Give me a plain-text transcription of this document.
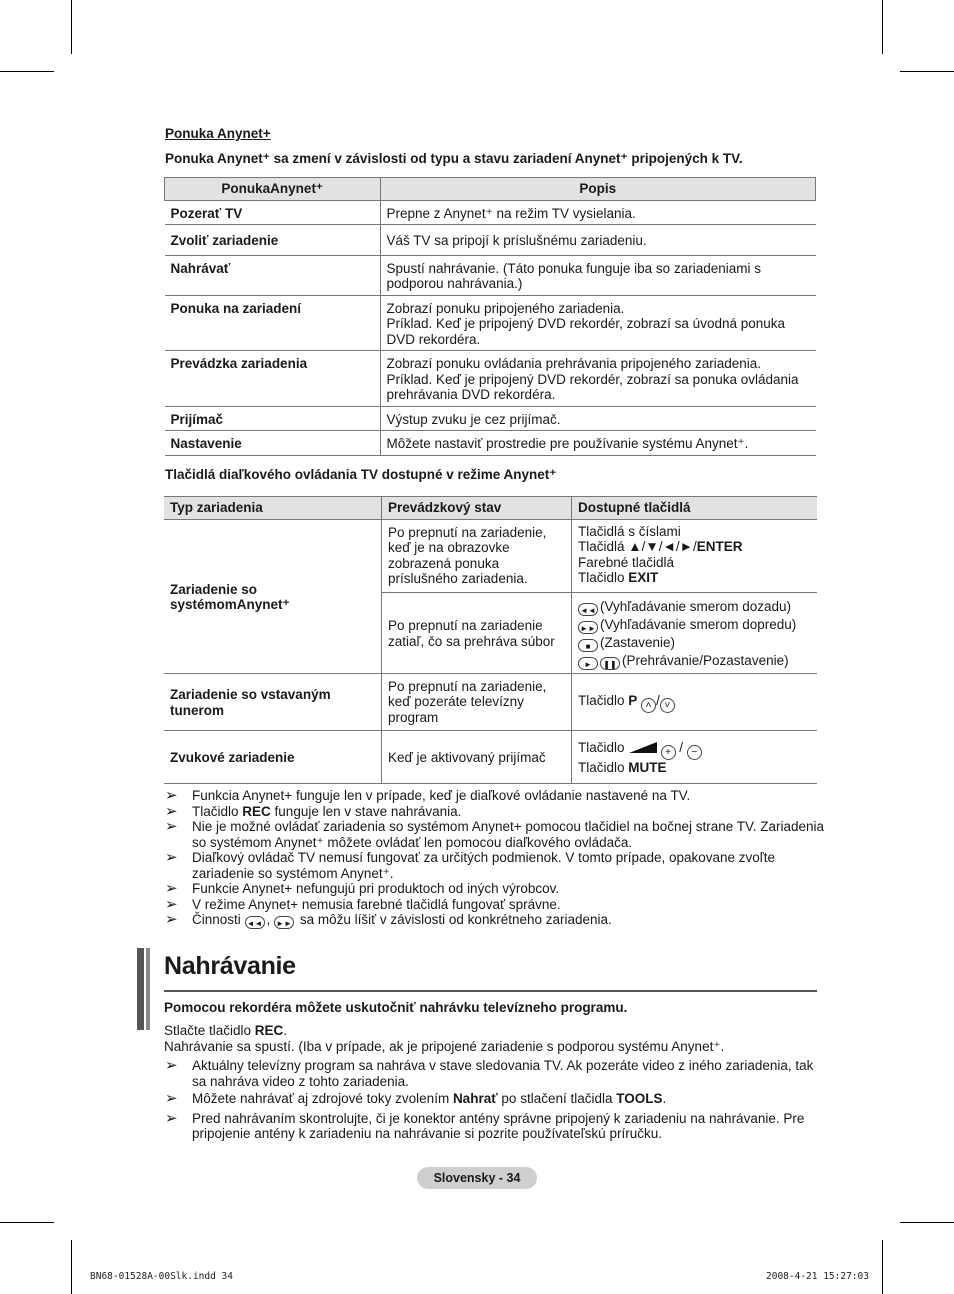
Ponuka Anynet+
Ponuka Anynet⁺ sa zmení v závislosti od typu a stavu zariadení Anynet⁺ pripojených k TV.
PonukaAnynet⁺	Popis
Pozerať TV	Prepne z Anynet⁺ na režim TV vysielania.
Zvoliť zariadenie	Váš TV sa pripojí k príslušnému zariadeniu.
Nahrávať	Spustí nahrávanie. (Táto ponuka funguje iba so zariadeniami s podporou nahrávania.)
Ponuka na zariadení	Zobrazí ponuku pripojeného zariadenia.
Príklad. Keď je pripojený DVD rekordér, zobrazí sa úvodná ponuka DVD rekordéra.

Prevádzka zariadenia	Zobrazí ponuku ovládania prehrávania pripojeného zariadenia.
Príklad. Keď je pripojený DVD rekordér, zobrazí sa ponuka ovládania prehrávania DVD rekordéra.

Prijímač	Výstup zvuku je cez prijímač.
Nastavenie	Môžete nastaviť prostredie pre používanie systému Anynet⁺.
Tlačidlá diaľkového ovládania TV dostupné v režime Anynet⁺
Typ zariadenia	Prevádzkový stav	Dostupné tlačidlá
Zariadenie so systémomAnynet⁺	Po prepnutí na zariadenie, keď je na obrazovke zobrazená ponuka príslušného zariadenia.	Tlačidlá s číslami
Tlačidlá ▲/▼/◄/►/ENTER
Farebné tlačidlá
Tlačidlo EXIT

	Po prepnutí na zariadenie zatiaľ, čo sa prehráva súbor	◄◄ (Vyhľadávanie smerom dozadu)
►► (Vyhľadávanie smerom dopredu)
■ (Zastavenie)
► ❚❚ (Prehrávanie/Pozastavenie)

Zariadenie so vstavaným tunerom	Po prepnutí na zariadenie, keď pozeráte televízny program	Tlačidlo P ˄ / ˅
Zvukové zariadenie	Keď je aktivovaný prijímač	Tlačidlo + / −
Tlačidlo MUTE
➢ Funkcia Anynet+ funguje len v prípade, keď je diaľkové ovládanie nastavené na TV.
➢ Tlačidlo REC funguje len v stave nahrávania.
➢ Nie je možné ovládať zariadenia so systémom Anynet+ pomocou tlačidiel na bočnej strane TV. Zariadenia so systémom Anynet⁺ môžete ovládať len pomocou diaľkového ovládača.
➢ Diaľkový ovládač TV nemusí fungovať za určitých podmienok. V tomto prípade, opakovane zvoľte zariadenie so systémom Anynet⁺.
➢ Funkcie Anynet+ nefungujú pri produktoch od iných výrobcov.
➢ V režime Anynet+ nemusia farebné tlačidlá fungovať správne.
➢ Činnosti ◄◄ , ►► sa môžu líšiť v závislosti od konkrétneho zariadenia.
Nahrávanie
Pomocou rekordéra môžete uskutočniť nahrávku televízneho programu.
Stlačte tlačidlo REC.
Nahrávanie sa spustí. (Iba v prípade, ak je pripojené zariadenie s podporou systému Anynet⁺.
➢ Aktuálny televízny program sa nahráva v stave sledovania TV. Ak pozeráte video z iného zariadenia, tak sa nahráva video z tohto zariadenia.
➢ Môžete nahrávať aj zdrojové toky zvolením Nahrať po stlačení tlačidla TOOLS.
➢ Pred nahrávaním skontrolujte, či je konektor antény správne pripojený k zariadeniu na nahrávanie. Pre pripojenie antény k zariadeniu na nahrávanie si pozrite používateľskú príručku.
Slovensky - 34
BN68-01528A-00Slk.indd 34	2008-4-21 15:27:03
